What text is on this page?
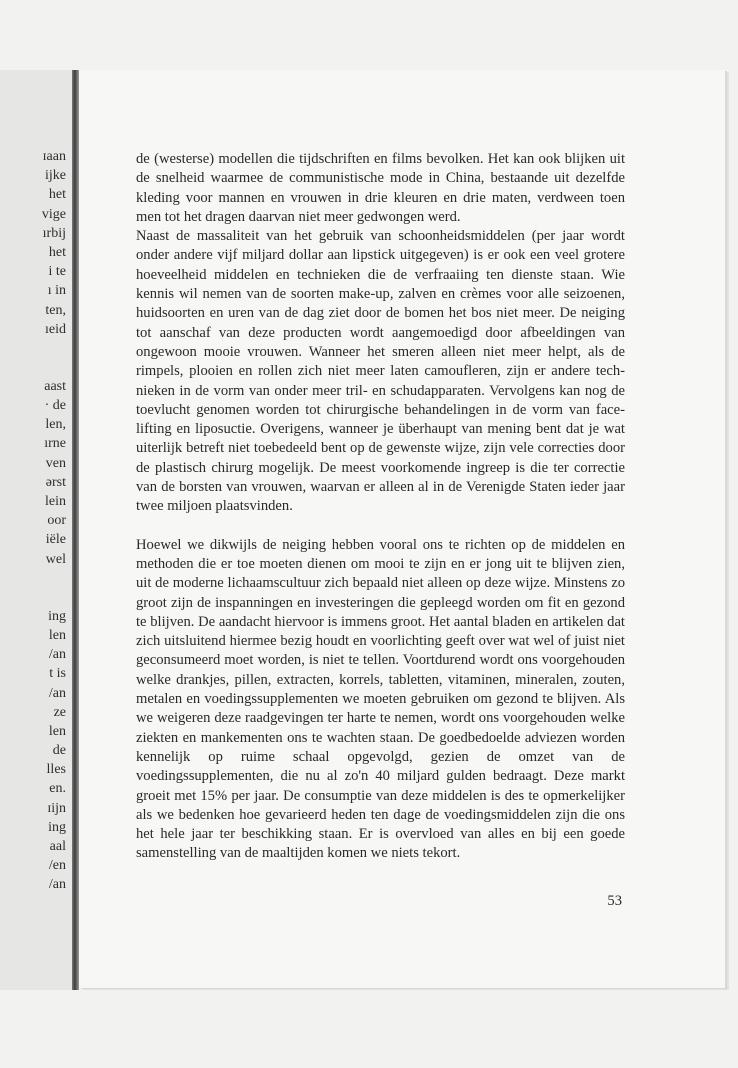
ɪaan
ijke
het
vige
ırbij
het
i te
ı in
ten,
ıeid
aast
· de
len,
ırne
ven
ərst
lein
oor
iële
wel
ing
len
/an
t is
/an
ze
len
de
lles
en.
ɪijn
ing
aal
/en
/an

de (westerse) modellen die tijdschriften en films bevolken. Het kan ook blijken uit de snelheid waarmee de communistische mode in China, bestaande uit dezelfde kleding voor mannen en vrouwen in drie kleuren en drie maten, verdween toen men tot het dragen daarvan niet meer gedwongen werd.

Naast de massaliteit van het gebruik van schoonheidsmiddelen (per jaar wordt onder andere vijf miljard dollar aan lipstick uitgegeven) is er ook een veel grotere hoeveelheid middelen en technieken die de verfraaiing ten dienste staan. Wie kennis wil nemen van de soorten make-up, zalven en crèmes voor alle seizoenen, huidsoorten en uren van de dag ziet door de bomen het bos niet meer. De neiging tot aanschaf van deze producten wordt aangemoedigd door afbeeldingen van ongewoon mooie vrouwen. Wanneer het smeren alleen niet meer helpt, als de rimpels, plooien en rollen zich niet meer laten camoufleren, zijn er andere technieken in de vorm van onder meer tril- en schudapparaten. Vervolgens kan nog de toevlucht genomen worden tot chirurgische behandelingen in de vorm van face-lifting en liposuctie. Overigens, wanneer je überhaupt van mening bent dat je wat uiterlijk betreft niet toebedeeld bent op de gewenste wijze, zijn vele correcties door de plastisch chirurg mogelijk. De meest voorkomende ingreep is die ter correctie van de borsten van vrouwen, waarvan er alleen al in de Verenigde Staten ieder jaar twee miljoen plaatsvinden.

Hoewel we dikwijls de neiging hebben vooral ons te richten op de middelen en methoden die er toe moeten dienen om mooi te zijn en er jong uit te blijven zien, uit de moderne lichaamscultuur zich bepaald niet alleen op deze wijze. Minstens zo groot zijn de inspanningen en investeringen die gepleegd worden om fit en gezond te blijven. De aandacht hiervoor is immens groot. Het aantal bladen en artikelen dat zich uitsluitend hiermee bezig houdt en voorlichting geeft over wat wel of juist niet geconsumeerd moet worden, is niet te tellen. Voortdurend wordt ons voorgehouden welke drankjes, pillen, extracten, korrels, tabletten, vitaminen, mineralen, zouten, metalen en voedingssupplementen we moeten gebruiken om gezond te blijven. Als we weigeren deze raadgevingen ter harte te nemen, wordt ons voorgehouden welke ziekten en mankementen ons te wachten staan. De goedbedoelde adviezen worden kennelijk op ruime schaal opgevolgd, gezien de omzet van de voedingssupplementen, die nu al zo'n 40 miljard gulden bedraagt. Deze markt groeit met 15% per jaar. De consumptie van deze middelen is des te opmerkelijker als we bedenken hoe gevarieerd heden ten dage de voedingsmiddelen zijn die ons het hele jaar ter beschikking staan. Er is overvloed van alles en bij een goede samenstelling van de maaltijden komen we niets tekort.

53
